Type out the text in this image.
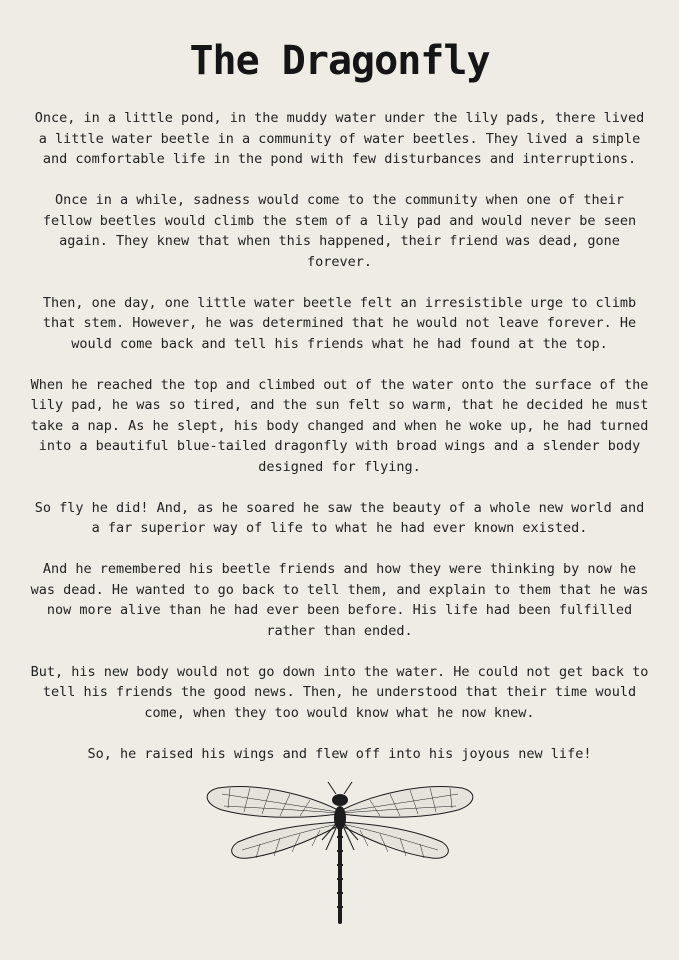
The Dragonfly

Once, in a little pond, in the muddy water under the lily pads, there lived a little water beetle in a community of water beetles. They lived a simple and comfortable life in the pond with few disturbances and interruptions.

Once in a while, sadness would come to the community when one of their fellow beetles would climb the stem of a lily pad and would never be seen again. They knew that when this happened, their friend was dead, gone forever.

Then, one day, one little water beetle felt an irresistible urge to climb that stem. However, he was determined that he would not leave forever. He would come back and tell his friends what he had found at the top.

When he reached the top and climbed out of the water onto the surface of the lily pad, he was so tired, and the sun felt so warm, that he decided he must take a nap. As he slept, his body changed and when he woke up, he had turned into a beautiful blue-tailed dragonfly with broad wings and a slender body designed for flying.

So fly he did! And, as he soared he saw the beauty of a whole new world and a far superior way of life to what he had ever known existed.

And he remembered his beetle friends and how they were thinking by now he was dead. He wanted to go back to tell them, and explain to them that he was now more alive than he had ever been before. His life had been fulfilled rather than ended.

But, his new body would not go down into the water. He could not get back to tell his friends the good news. Then, he understood that their time would come, when they too would know what he now knew.

So, he raised his wings and flew off into his joyous new life!
